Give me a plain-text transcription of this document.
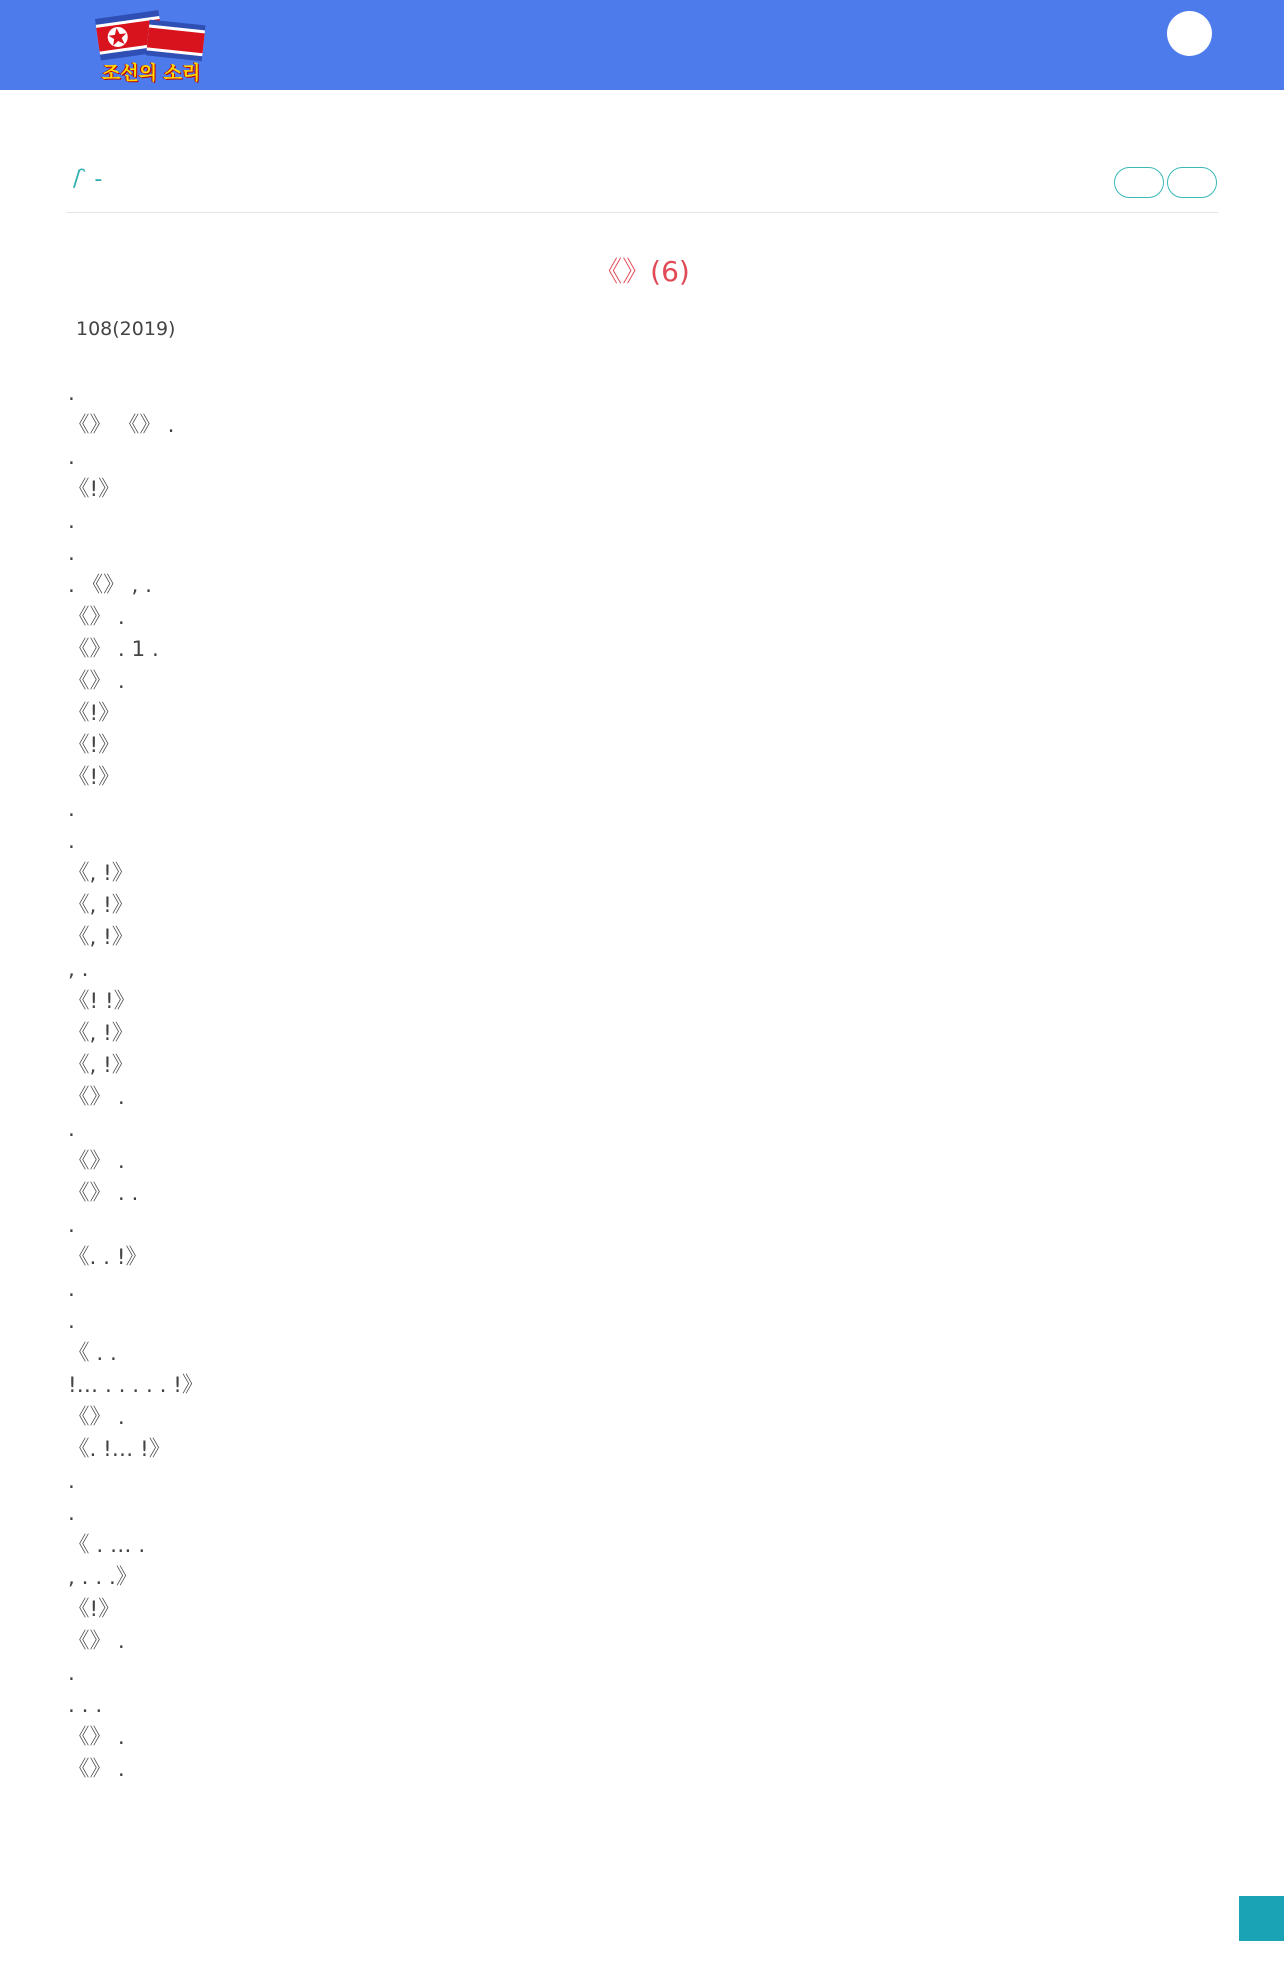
조선의 소리
/ ̑ -
《》(6)
108(2019)

.

《》 《》 .

.

《!》

.

.

. 《》 , .

《》 .

《》 . 1 .

《》 .

《!》

《!》

《!》

.

.

《, !》

《, !》

《, !》

, .

《! !》

《, !》

《, !》

《》 .

.

《》 .

《》 . .

.

《. . !》

.

.

《 . .

!… . . . . . !》

《》 .

《. !… !》

.

.

《 . … .

, . . .》

《!》

《》 .

.

. . .

《》 .

《》 .
